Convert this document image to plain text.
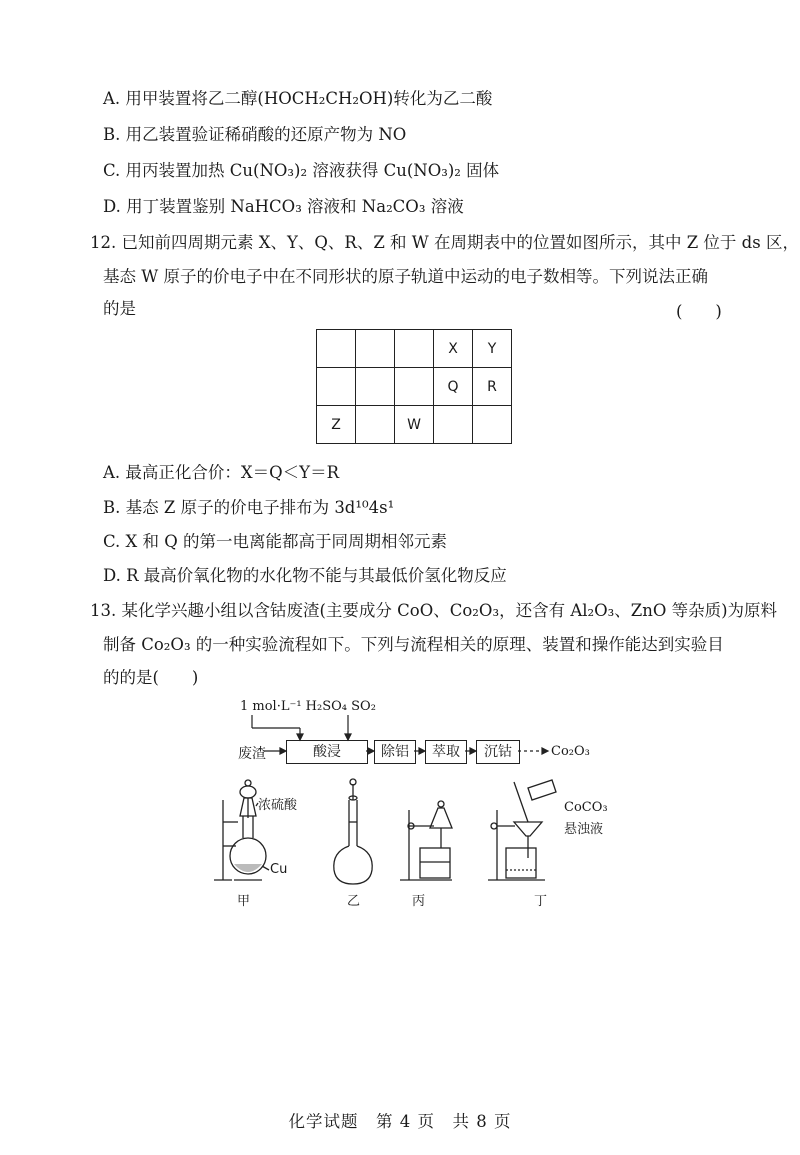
A. 用甲装置将乙二醇(HOCH₂CH₂OH)转化为乙二酸
B. 用乙装置验证稀硝酸的还原产物为 NO
C. 用丙装置加热 Cu(NO₃)₂ 溶液获得 Cu(NO₃)₂ 固体
D. 用丁装置鉴别 NaHCO₃ 溶液和 Na₂CO₃ 溶液
12. 已知前四周期元素 X、Y、Q、R、Z 和 W 在周期表中的位置如图所示，其中 Z 位于 ds 区，
基态 W 原子的价电子中在不同形状的原子轨道中运动的电子数相等。下列说法正确
的是	(　　)
			X	Y
			Q	R
Z		W		
A. 最高正化合价：X＝Q＜Y＝R
B. 基态 Z 原子的价电子排布为 3d¹⁰4s¹
C. X 和 Q 的第一电离能都高于同周期相邻元素
D. R 最高价氧化物的水化物不能与其最低价氢化物反应
13. 某化学兴趣小组以含钴废渣(主要成分 CoO、Co₂O₃，还含有 Al₂O₃、ZnO 等杂质)为原料
制备 Co₂O₃ 的一种实验流程如下。下列与流程相关的原理、装置和操作能达到实验目
的的是(　　)
1 mol·L⁻¹ H₂SO₄ SO₂
废渣	酸浸	除铝	萃取	沉钴	Co₂O₃
浓硫酸
Cu
CoCO₃
悬浊液
甲	乙	丙	丁
化学试题　第 4 页　共 8 页
